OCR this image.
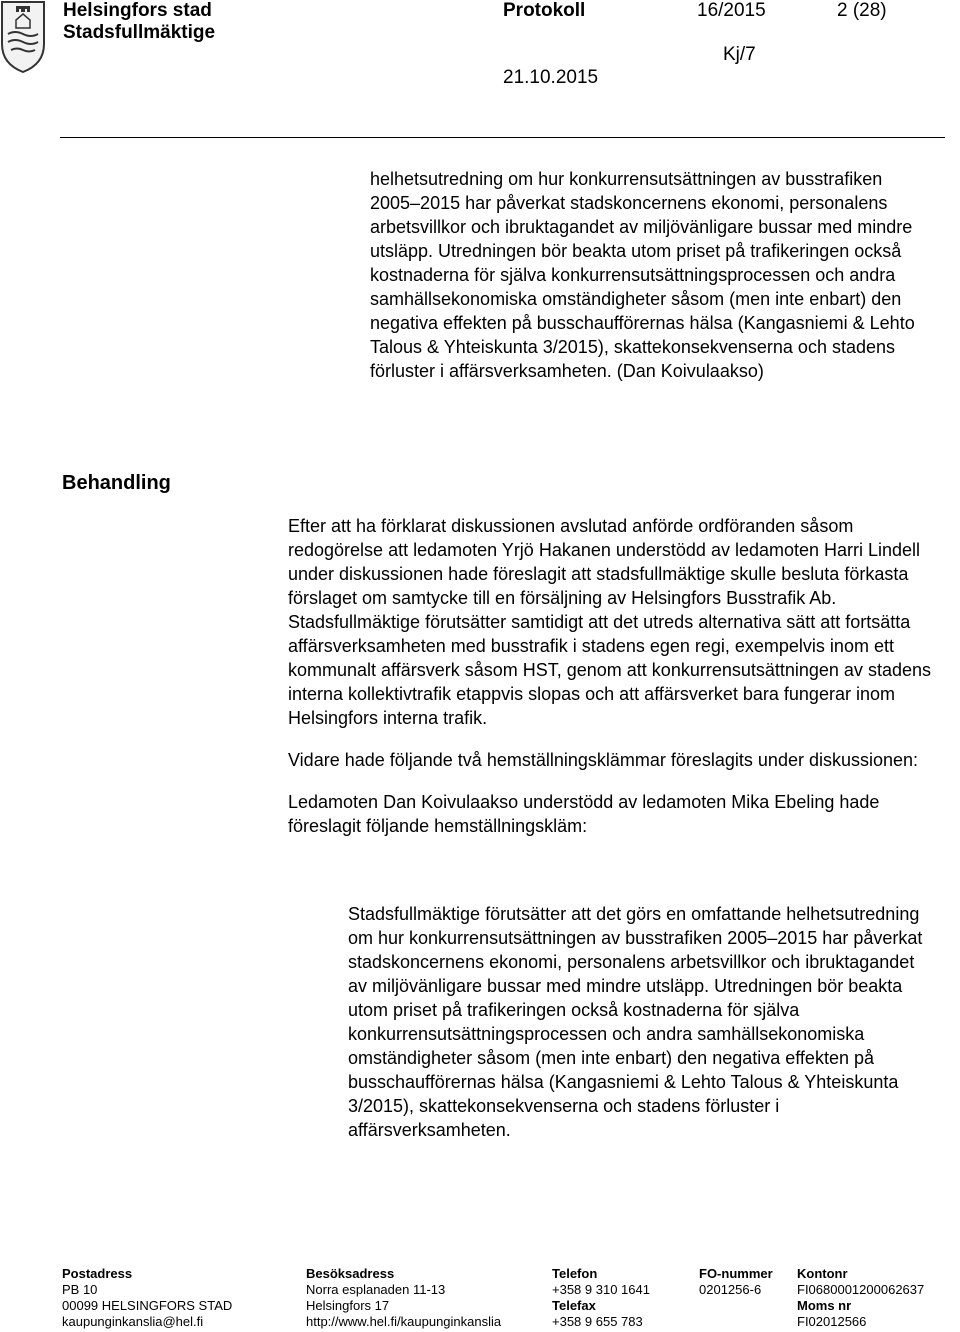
Helsingfors stad
Stadsfullmäktige
Protokoll	16/2015	2 (28)
Kj/7
21.10.2015

helhetsutredning om hur konkurrensutsättningen av busstrafiken 2005–2015 har påverkat stadskoncernens ekonomi, personalens arbetsvillkor och ibruktagandet av miljövänligare bussar med mindre utsläpp. Utredningen bör beakta utom priset på trafikeringen också kostnaderna för själva konkurrensutsättningsprocessen och andra samhällsekonomiska omständigheter såsom (men inte enbart) den negativa effekten på busschaufförernas hälsa (Kangasniemi & Lehto Talous & Yhteiskunta 3/2015), skattekonsekvenserna och stadens förluster i affärsverksamheten. (Dan Koivulaakso)

Behandling

Efter att ha förklarat diskussionen avslutad anförde ordföranden såsom redogörelse att ledamoten Yrjö Hakanen understödd av ledamoten Harri Lindell under diskussionen hade föreslagit att stadsfullmäktige skulle besluta förkasta förslaget om samtycke till en försäljning av Helsingfors Busstrafik Ab. Stadsfullmäktige förutsätter samtidigt att det utreds alternativa sätt att fortsätta affärsverksamheten med busstrafik i stadens egen regi, exempelvis inom ett kommunalt affärsverk såsom HST, genom att konkurrensutsättningen av stadens interna kollektivtrafik etappvis slopas och att affärsverket bara fungerar inom Helsingfors interna trafik.

Vidare hade följande två hemställningsklämmar föreslagits under diskussionen:

Ledamoten Dan Koivulaakso understödd av ledamoten Mika Ebeling hade föreslagit följande hemställningskläm:

Stadsfullmäktige förutsätter att det görs en omfattande helhetsutredning om hur konkurrensutsättningen av busstrafiken 2005–2015 har påverkat stadskoncernens ekonomi, personalens arbetsvillkor och ibruktagandet av miljövänligare bussar med mindre utsläpp. Utredningen bör beakta utom priset på trafikeringen också kostnaderna för själva konkurrensutsättningsprocessen och andra samhällsekonomiska omständigheter såsom (men inte enbart) den negativa effekten på busschaufförernas hälsa (Kangasniemi & Lehto Talous & Yhteiskunta 3/2015), skattekonsekvenserna och stadens förluster i affärsverksamheten.

Postadress
PB 10
00099 HELSINGFORS STAD
kaupunginkanslia@hel.fi
Besöksadress
Norra esplanaden 11-13
Helsingfors 17
http://www.hel.fi/kaupunginkanslia
Telefon
+358 9 310 1641
Telefax
+358 9 655 783
FO-nummer
0201256-6
Kontonr
FI0680001200062637
Moms nr
FI02012566
